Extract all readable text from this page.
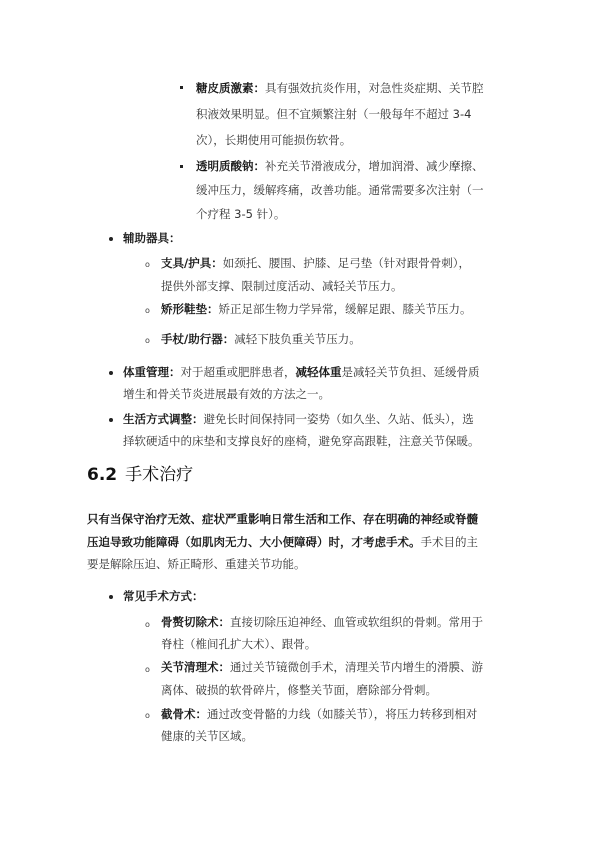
糖皮质激素：具有强效抗炎作用，对急性炎症期、关节腔
积液效果明显。但不宜频繁注射（一般每年不超过 3-4
次），长期使用可能损伤软骨。
透明质酸钠：补充关节滑液成分，增加润滑、减少摩擦、
缓冲压力，缓解疼痛，改善功能。通常需要多次注射（一
个疗程 3-5 针）。
辅助器具：
o 支具/护具：如颈托、腰围、护膝、足弓垫（针对跟骨骨刺），
提供外部支撑、限制过度活动、减轻关节压力。
o 矫形鞋垫：矫正足部生物力学异常，缓解足跟、膝关节压力。
o 手杖/助行器：减轻下肢负重关节压力。
体重管理：对于超重或肥胖患者，减轻体重是减轻关节负担、延缓骨质
增生和骨关节炎进展最有效的方法之一。
生活方式调整：避免长时间保持同一姿势（如久坐、久站、低头），选
择软硬适中的床垫和支撑良好的座椅，避免穿高跟鞋，注意关节保暖。
6.2 手术治疗
只有当保守治疗无效、症状严重影响日常生活和工作、存在明确的神经或脊髓
压迫导致功能障碍（如肌肉无力、大小便障碍）时，才考虑手术。手术目的主
要是解除压迫、矫正畸形、重建关节功能。
常见手术方式：
o 骨赘切除术：直接切除压迫神经、血管或软组织的骨刺。常用于
脊柱（椎间孔扩大术）、跟骨。
o 关节清理术：通过关节镜微创手术，清理关节内增生的滑膜、游
离体、破损的软骨碎片，修整关节面，磨除部分骨刺。
o 截骨术：通过改变骨骼的力线（如膝关节），将压力转移到相对
健康的关节区域。
